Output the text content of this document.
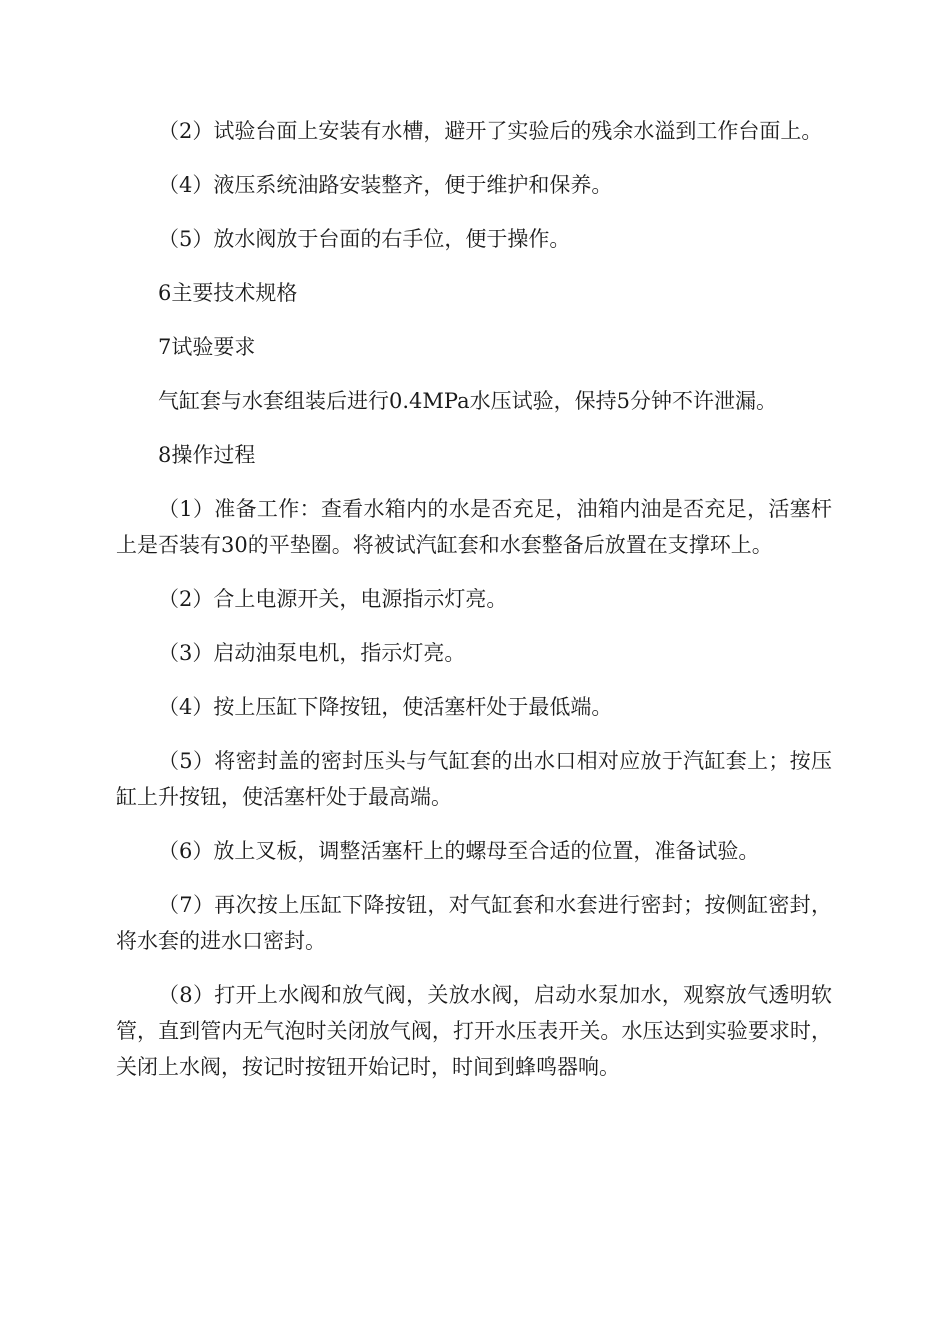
（2）试验台面上安装有水槽，避开了实验后的残余水溢到工作台面上。

（4）液压系统油路安装整齐，便于维护和保养。

（5）放水阀放于台面的右手位，便于操作。

6主要技术规格

7试验要求

气缸套与水套组装后进行0.4MPa水压试验，保持5分钟不许泄漏。

8操作过程

（1）准备工作：查看水箱内的水是否充足，油箱内油是否充足，活塞杆上是否装有30的平垫圈。将被试汽缸套和水套整备后放置在支撑环上。

（2）合上电源开关，电源指示灯亮。

（3）启动油泵电机，指示灯亮。

（4）按上压缸下降按钮，使活塞杆处于最低端。

（5）将密封盖的密封压头与气缸套的出水口相对应放于汽缸套上；按压缸上升按钮，使活塞杆处于最高端。

（6）放上叉板，调整活塞杆上的螺母至合适的位置，准备试验。

（7）再次按上压缸下降按钮，对气缸套和水套进行密封；按侧缸密封，将水套的进水口密封。

（8）打开上水阀和放气阀，关放水阀，启动水泵加水，观察放气透明软管，直到管内无气泡时关闭放气阀，打开水压表开关。水压达到实验要求时，关闭上水阀，按记时按钮开始记时，时间到蜂鸣器响。
